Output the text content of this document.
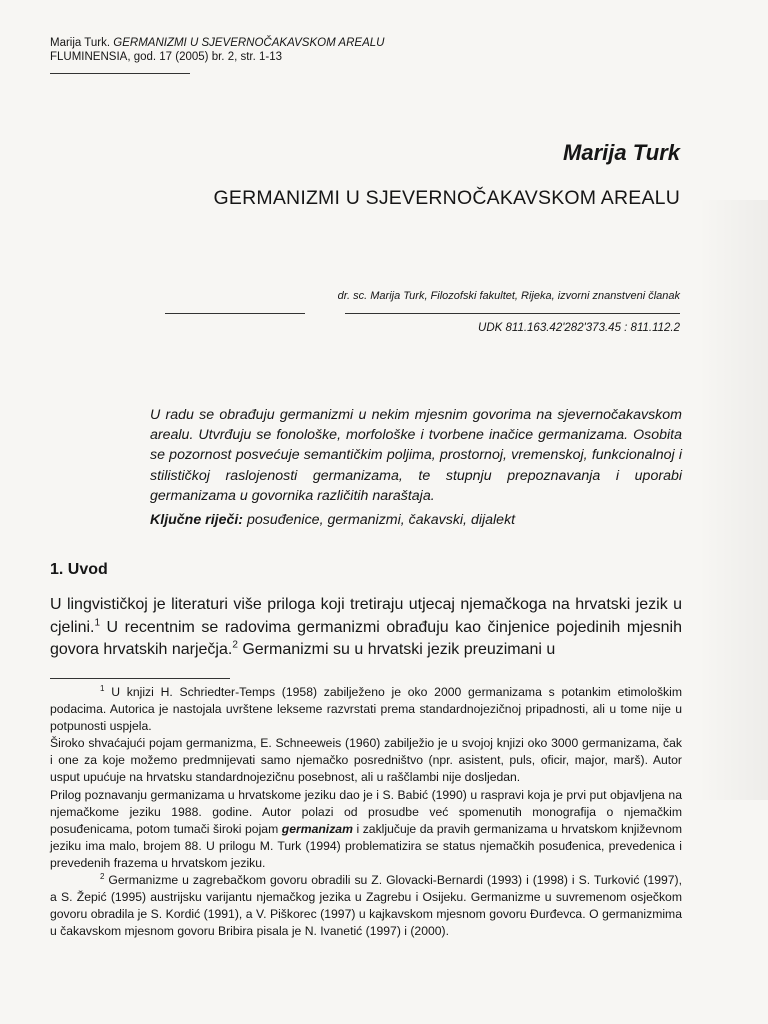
Marija Turk. GERMANIZMI U SJEVERNOČAKAVSKOM AREALU
FLUMINENSIA, god. 17 (2005) br. 2, str. 1-13
Marija Turk
GERMANIZMI U SJEVERNOČAKAVSKOM AREALU
dr. sc. Marija Turk, Filozofski fakultet, Rijeka, izvorni znanstveni članak
UDK 811.163.42'282'373.45 : 811.112.2
U radu se obrađuju germanizmi u nekim mjesnim govorima na sjevernočakavskom arealu. Utvrđuju se fonološke, morfološke i tvorbene inačice germanizama. Osobita se pozornost posvećuje semantičkim poljima, prostornoj, vremenskoj, funkcionalnoj i stilističkoj raslojenosti germanizama, te stupnju prepoznavanja i uporabi germanizama u govornika različitih naraštaja.
Ključne riječi: posuđenice, germanizmi, čakavski, dijalekt
1. Uvod
U lingvističkoj je literaturi više priloga koji tretiraju utjecaj njemačkoga na hrvatski jezik u cjelini.$^1$ U recentnim se radovima germanizmi obrađuju kao činjenice pojedinih mjesnih govora hrvatskih narječja.$^2$ Germanizmi su u hrvatski jezik preuzimani u

$^1$ U knjizi H. Schriedter-Temps (1958) zabilježeno je oko 2000 germanizama s potankim etimološkim podacima. Autorica je nastojala uvrštene lekseme razvrstati prema standardnojezičnoj pripadnosti, ali u tome nije u potpunosti uspjela.

Široko shvaćajući pojam germanizma, E. Schneeweis (1960) zabilježio je u svojoj knjizi oko 3000 germanizama, čak i one za koje možemo predmnijevati samo njemačko posredništvo (npr. asistent, puls, oficir, major, marš). Autor usput upućuje na hrvatsku standardnojezičnu posebnost, ali u raščlambi nije dosljedan.

Prilog poznavanju germanizama u hrvatskome jeziku dao je i S. Babić (1990) u raspravi koja je prvi put objavljena na njemačkome jeziku 1988. godine. Autor polazi od prosudbe već spomenutih monografija o njemačkim posuđenicama, potom tumači široki pojam germanizam i zaključuje da pravih germanizama u hrvatskom književnom jeziku ima malo, brojem 88. U prilogu M. Turk (1994) problematizira se status njemačkih posuđenica, prevedenica i prevedenih frazema u hrvatskom jeziku.

$^2$ Germanizme u zagrebačkom govoru obradili su Z. Glovacki-Bernardi (1993) i (1998) i S. Turković (1997), a S. Žepić (1995) austrijsku varijantu njemačkog jezika u Zagrebu i Osijeku. Germanizme u suvremenom osječkom govoru obradila je S. Kordić (1991), a V. Piškorec (1997) u kajkavskom mjesnom govoru Đurđevca. O germanizmima u čakavskom mjesnom govoru Bribira pisala je N. Ivanetić (1997) i (2000).
